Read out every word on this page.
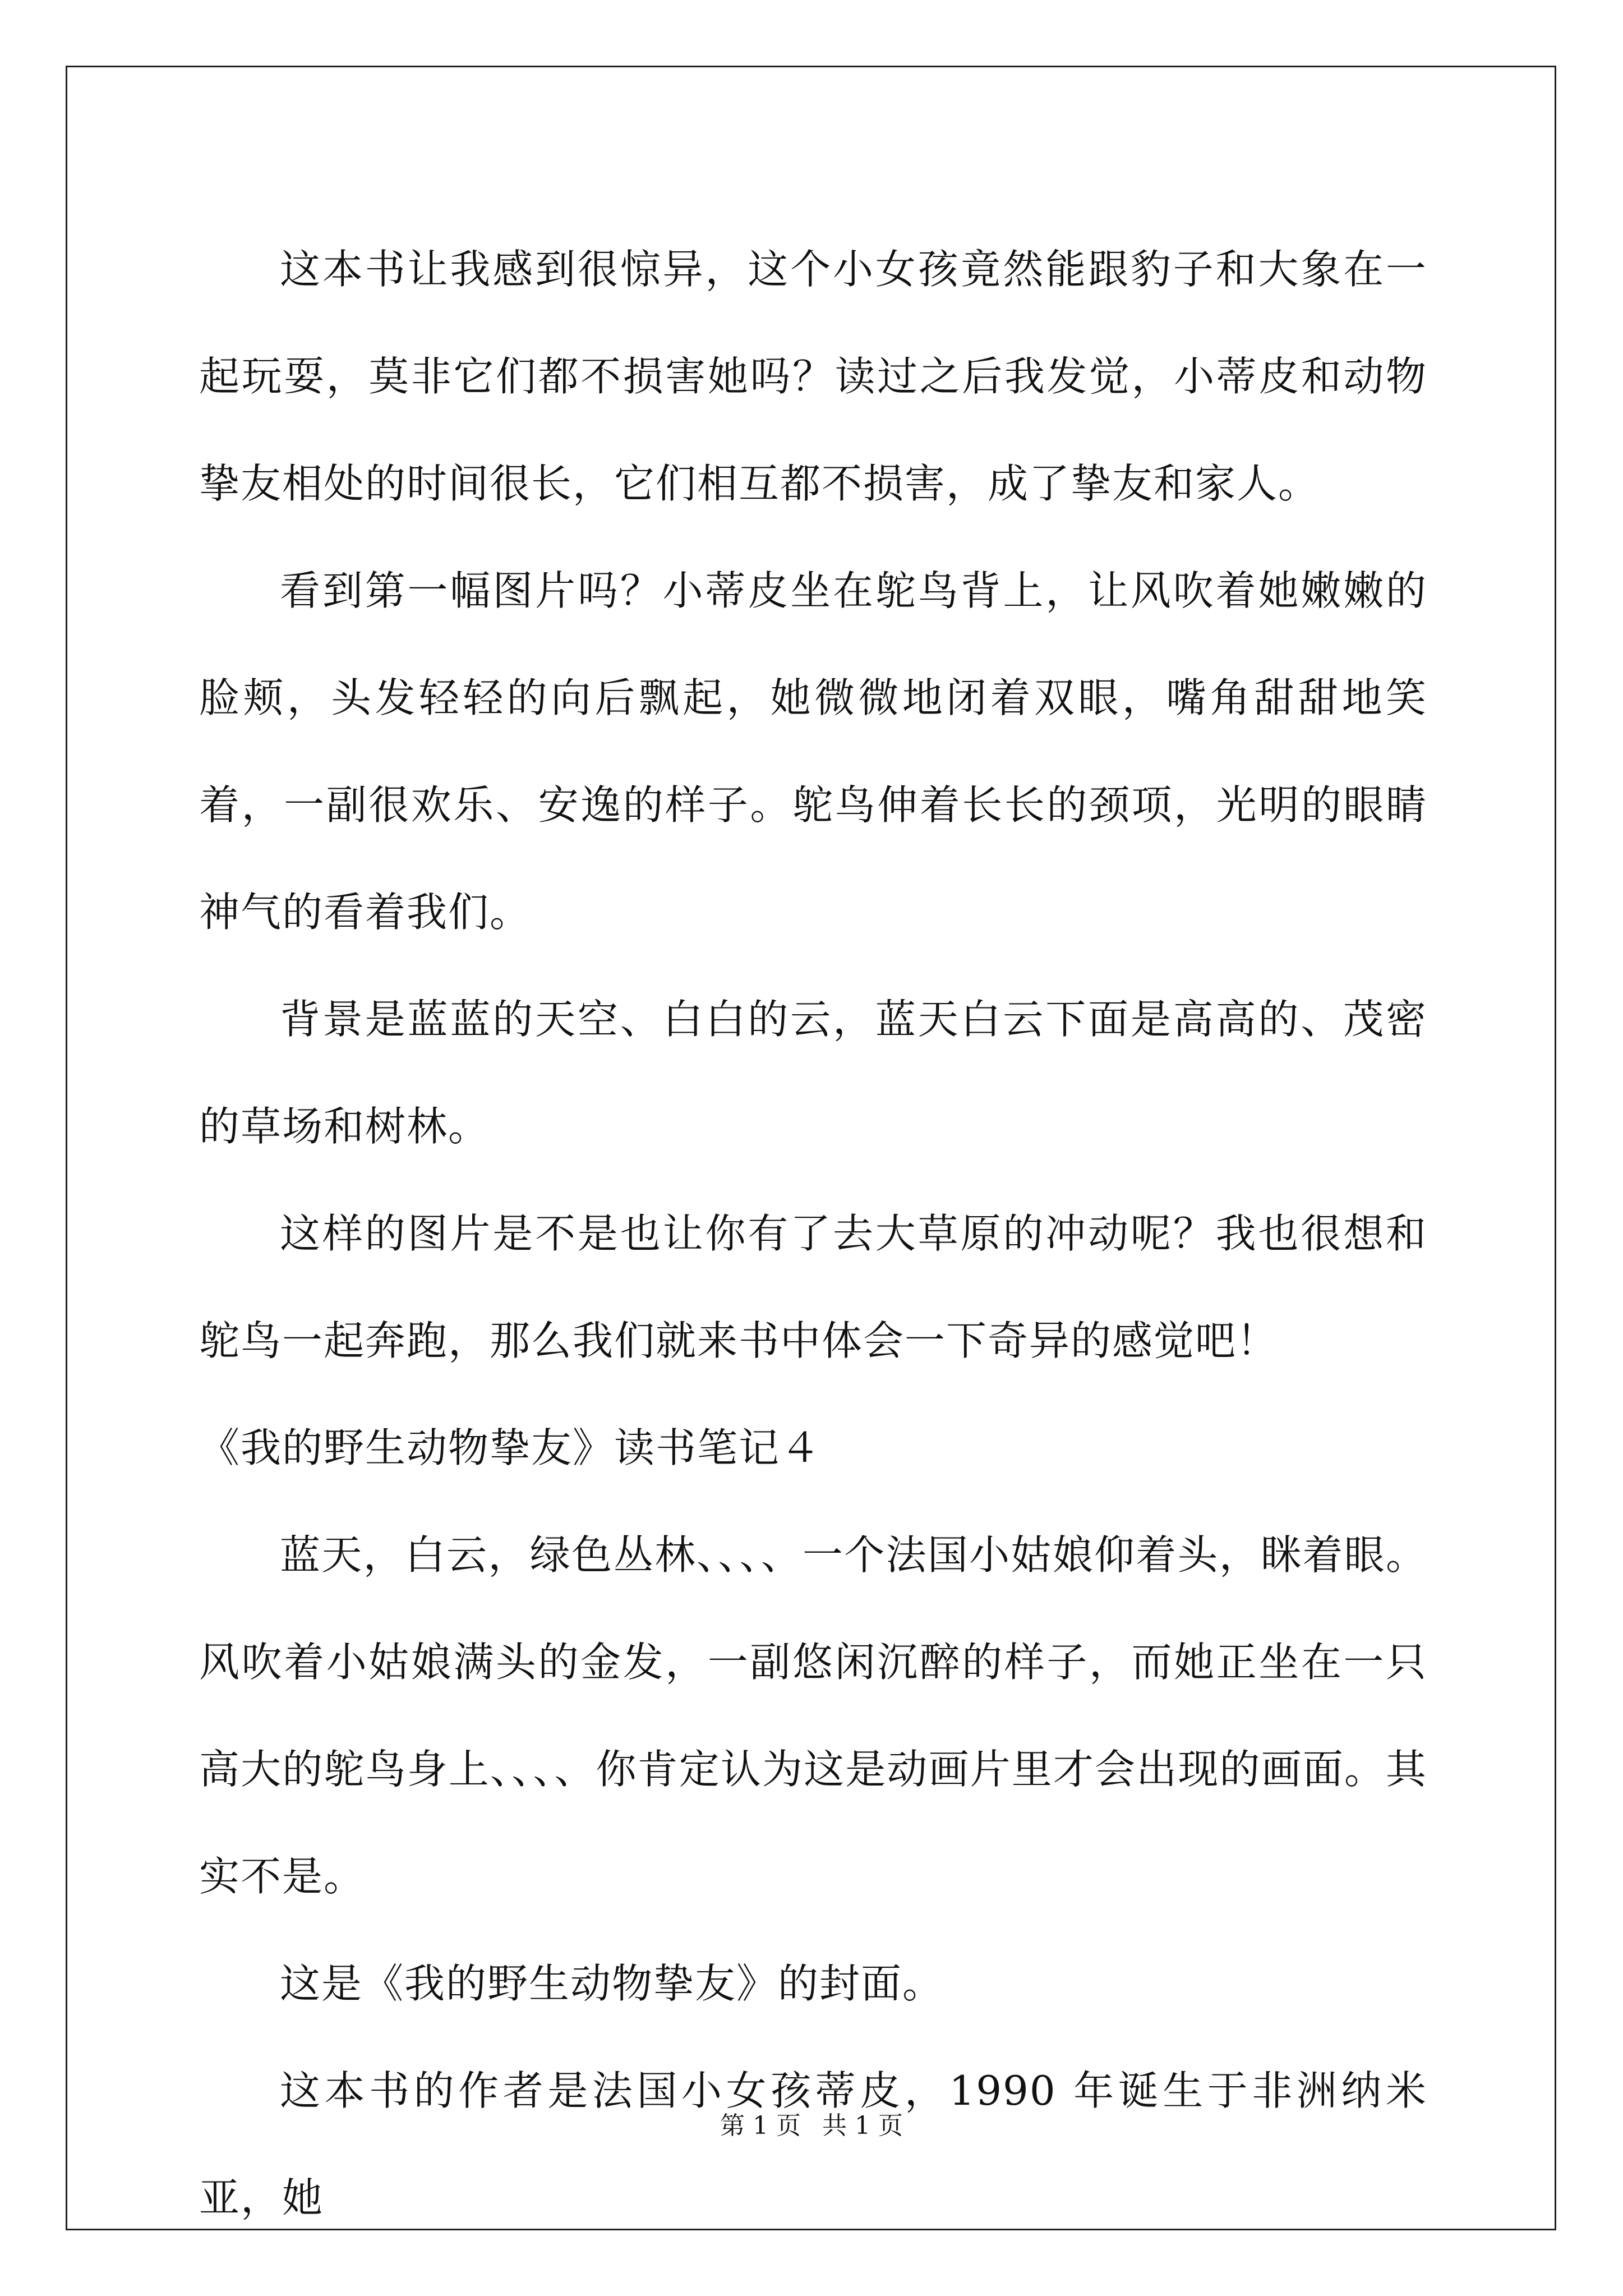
这本书让我感到很惊异，这个小女孩竟然能跟豹子和大象在一起玩耍，莫非它们都不损害她吗？读过之后我发觉，小蒂皮和动物挚友相处的时间很长，它们相互都不损害，成了挚友和家人。

看到第一幅图片吗？小蒂皮坐在鸵鸟背上，让风吹着她嫩嫩的脸颊，头发轻轻的向后飘起，她微微地闭着双眼，嘴角甜甜地笑着，一副很欢乐、安逸的样子。鸵鸟伸着长长的颈项，光明的眼睛神气的看着我们。

背景是蓝蓝的天空、白白的云，蓝天白云下面是高高的、茂密的草场和树林。

这样的图片是不是也让你有了去大草原的冲动呢？我也很想和鸵鸟一起奔跑，那么我们就来书中体会一下奇异的感觉吧！

《我的野生动物挚友》读书笔记４

蓝天，白云，绿色丛林、、、、一个法国小姑娘仰着头，眯着眼。风吹着小姑娘满头的金发，一副悠闲沉醉的样子，而她正坐在一只高大的鸵鸟身上、、、、你肯定认为这是动画片里才会出现的画面。其实不是。

这是《我的野生动物挚友》的封面。

这本书的作者是法国小女孩蒂皮，1990 年诞生于非洲纳米亚，她

第 1 页 共 1 页
